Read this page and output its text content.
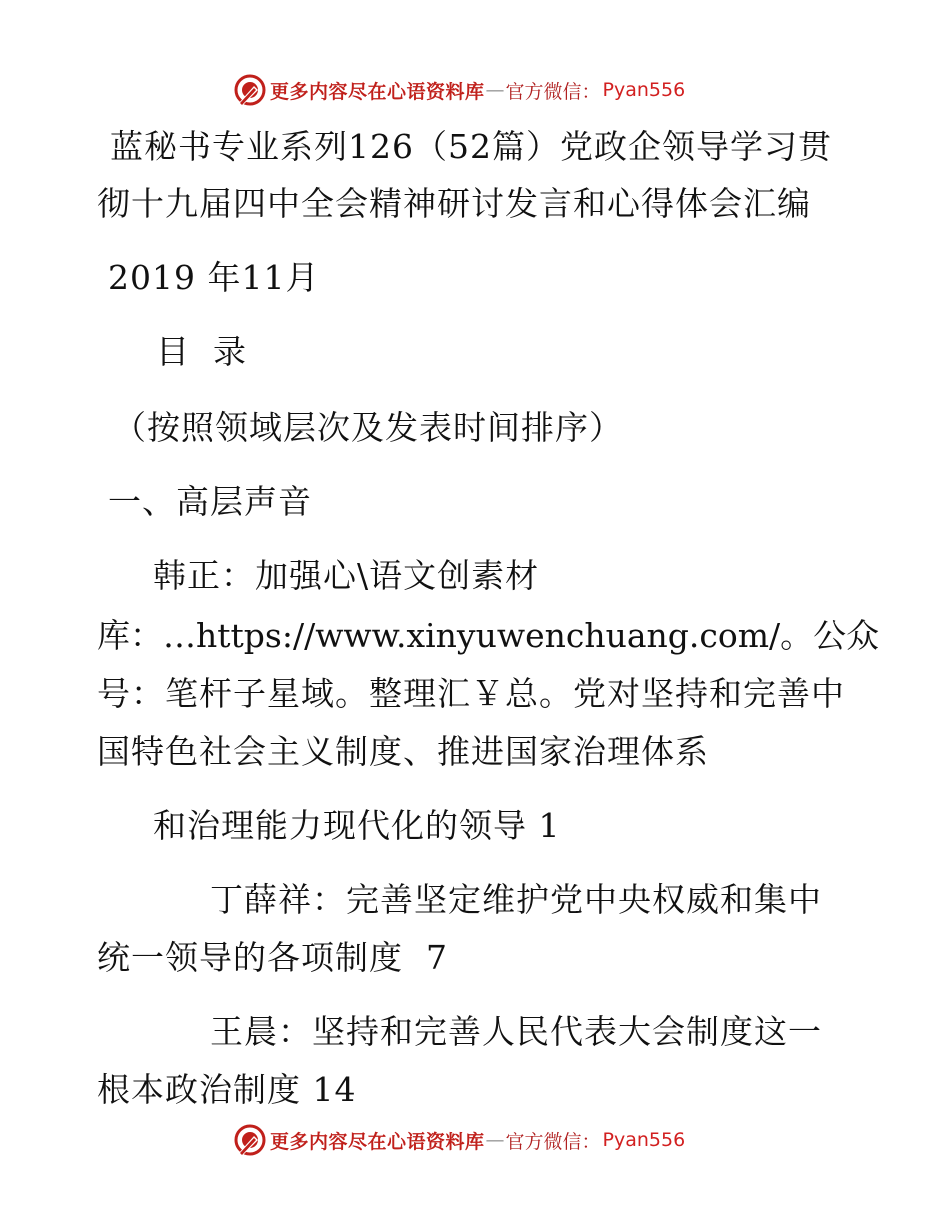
更多内容尽在心语资料库 — 官方微信： Pyan556
蓝秘书专业系列126（52篇）党政企领导学习贯
彻十九届四中全会精神研讨发言和心得体会汇编
2019 年11月
目  录
（按照领域层次及发表时间排序）
一、高层声音
韩正：加强心\语文创素材
库：…https://www.xinyuwenchuang.com/。公众
号：笔杆子星域。整理汇￥总。党对坚持和完善中
国特色社会主义制度、推进国家治理体系
和治理能力现代化的领导 1
丁薛祥：完善坚定维护党中央权威和集中
统一领导的各项制度  7
王晨：坚持和完善人民代表大会制度这一
根本政治制度 14
更多内容尽在心语资料库 — 官方微信： Pyan556
